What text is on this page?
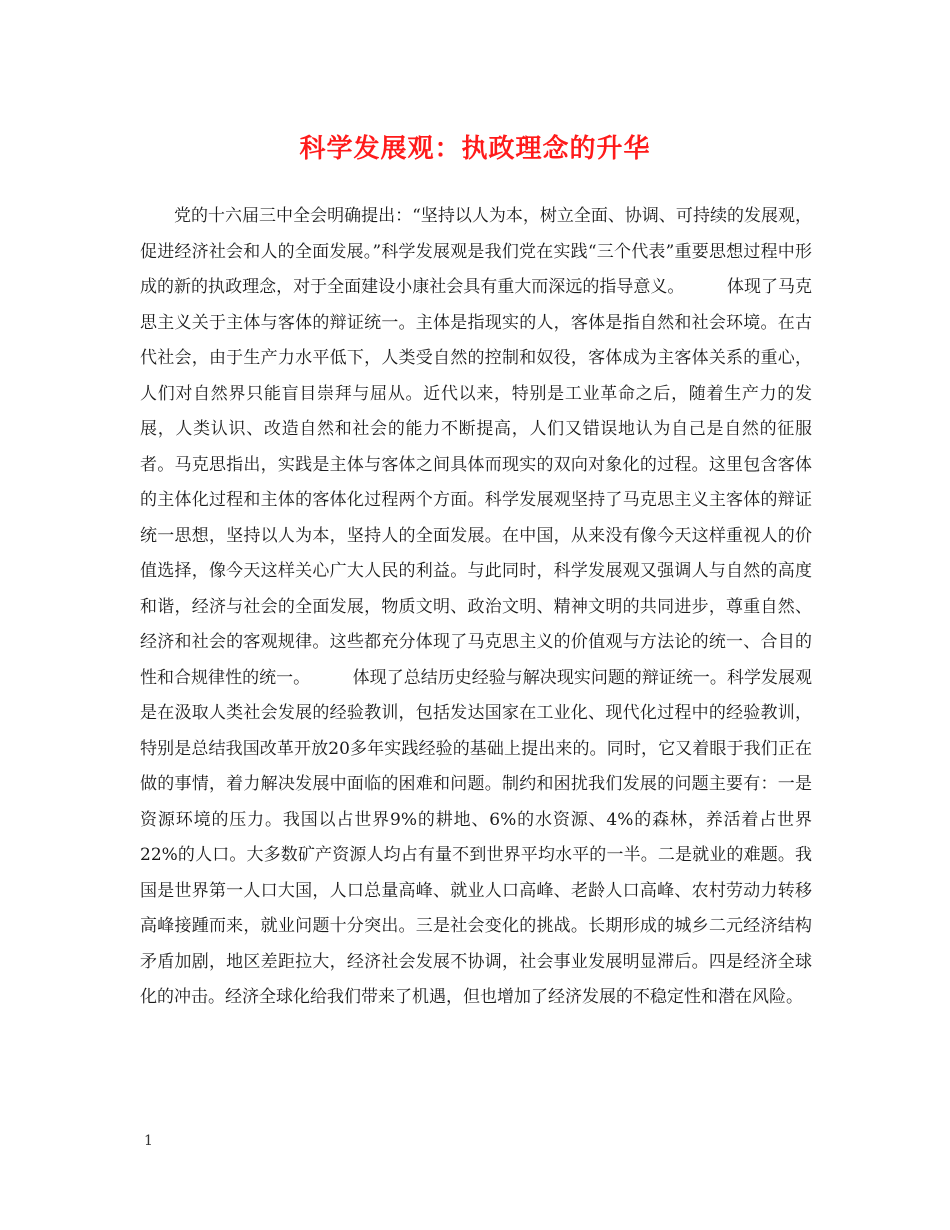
科学发展观：执政理念的升华

党的十六届三中全会明确提出：“坚持以人为本，树立全面、协调、可持续的发展观，促进经济社会和人的全面发展。”科学发展观是我们党在实践“三个代表”重要思想过程中形成的新的执政理念，对于全面建设小康社会具有重大而深远的指导意义。　　　体现了马克思主义关于主体与客体的辩证统一。主体是指现实的人，客体是指自然和社会环境。在古代社会，由于生产力水平低下，人类受自然的控制和奴役，客体成为主客体关系的重心，人们对自然界只能盲目崇拜与屈从。近代以来，特别是工业革命之后，随着生产力的发展，人类认识、改造自然和社会的能力不断提高，人们又错误地认为自己是自然的征服者。马克思指出，实践是主体与客体之间具体而现实的双向对象化的过程。这里包含客体的主体化过程和主体的客体化过程两个方面。科学发展观坚持了马克思主义主客体的辩证统一思想，坚持以人为本，坚持人的全面发展。在中国，从来没有像今天这样重视人的价值选择，像今天这样关心广大人民的利益。与此同时，科学发展观又强调人与自然的高度和谐，经济与社会的全面发展，物质文明、政治文明、精神文明的共同进步，尊重自然、经济和社会的客观规律。这些都充分体现了马克思主义的价值观与方法论的统一、合目的性和合规律性的统一。　　　体现了总结历史经验与解决现实问题的辩证统一。科学发展观是在汲取人类社会发展的经验教训，包括发达国家在工业化、现代化过程中的经验教训，特别是总结我国改革开放20多年实践经验的基础上提出来的。同时，它又着眼于我们正在做的事情，着力解决发展中面临的困难和问题。制约和困扰我们发展的问题主要有：一是资源环境的压力。我国以占世界9%的耕地、6%的水资源、4%的森林，养活着占世界22%的人口。大多数矿产资源人均占有量不到世界平均水平的一半。二是就业的难题。我国是世界第一人口大国，人口总量高峰、就业人口高峰、老龄人口高峰、农村劳动力转移高峰接踵而来，就业问题十分突出。三是社会变化的挑战。长期形成的城乡二元经济结构矛盾加剧，地区差距拉大，经济社会发展不协调，社会事业发展明显滞后。四是经济全球化的冲击。经济全球化给我们带来了机遇，但也增加了经济发展的不稳定性和潜在风险。

1
